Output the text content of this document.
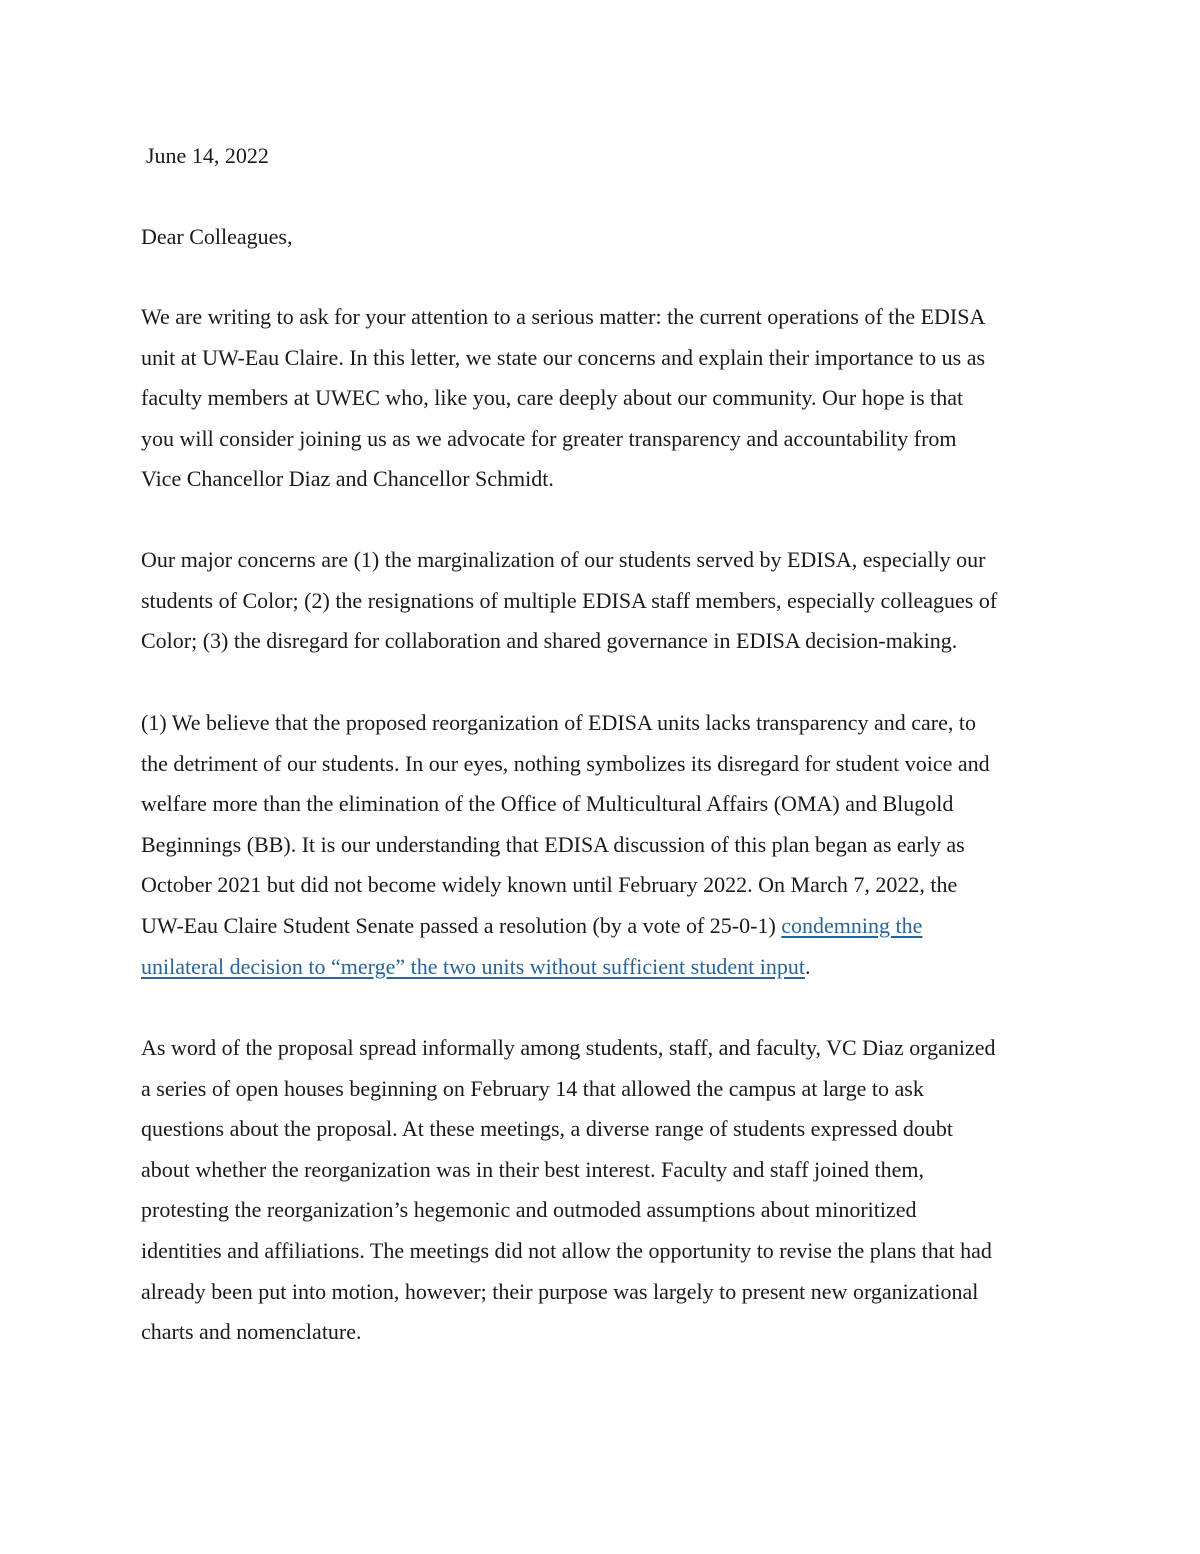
June 14, 2022
Dear Colleagues,

We are writing to ask for your attention to a serious matter: the current operations of the EDISA
unit at UW-Eau Claire. In this letter, we state our concerns and explain their importance to us as
faculty members at UWEC who, like you, care deeply about our community. Our hope is that
you will consider joining us as we advocate for greater transparency and accountability from
Vice Chancellor Diaz and Chancellor Schmidt.

Our major concerns are (1) the marginalization of our students served by EDISA, especially our
students of Color; (2) the resignations of multiple EDISA staff members, especially colleagues of
Color; (3) the disregard for collaboration and shared governance in EDISA decision-making.

(1) We believe that the proposed reorganization of EDISA units lacks transparency and care, to
the detriment of our students. In our eyes, nothing symbolizes its disregard for student voice and
welfare more than the elimination of the Office of Multicultural Affairs (OMA) and Blugold
Beginnings (BB). It is our understanding that EDISA discussion of this plan began as early as
October 2021 but did not become widely known until February 2022. On March 7, 2022, the
UW-Eau Claire Student Senate passed a resolution (by a vote of 25-0-1) condemning the
unilateral decision to “merge” the two units without sufficient student input.

As word of the proposal spread informally among students, staff, and faculty, VC Diaz organized
a series of open houses beginning on February 14 that allowed the campus at large to ask
questions about the proposal. At these meetings, a diverse range of students expressed doubt
about whether the reorganization was in their best interest. Faculty and staff joined them,
protesting the reorganization’s hegemonic and outmoded assumptions about minoritized
identities and affiliations. The meetings did not allow the opportunity to revise the plans that had
already been put into motion, however; their purpose was largely to present new organizational
charts and nomenclature.
